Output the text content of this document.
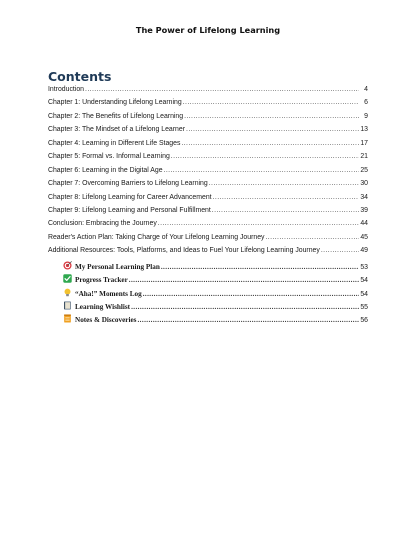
The Power of Lifelong Learning
Contents
Introduction .....	4
Chapter 1: Understanding Lifelong Learning .....	6
Chapter 2: The Benefits of Lifelong Learning .....	9
Chapter 3: The Mindset of a Lifelong Learner .....	13
Chapter 4: Learning in Different Life Stages .....	17
Chapter 5: Formal vs. Informal Learning .....	21
Chapter 6: Learning in the Digital Age .....	25
Chapter 7: Overcoming Barriers to Lifelong Learning .....	30
Chapter 8: Lifelong Learning for Career Advancement .....	34
Chapter 9: Lifelong Learning and Personal Fulfillment .....	39
Conclusion: Embracing the Journey .....	44
Reader's Action Plan: Taking Charge of Your Lifelong Learning Journey .....	45
Additional Resources: Tools, Platforms, and Ideas to Fuel Your Lifelong Learning Journey .....	49
My Personal Learning Plan .....	53
Progress Tracker .....	54
“Aha!” Moments Log .....	54
Learning Wishlist .....	55
Notes & Discoveries .....	56
